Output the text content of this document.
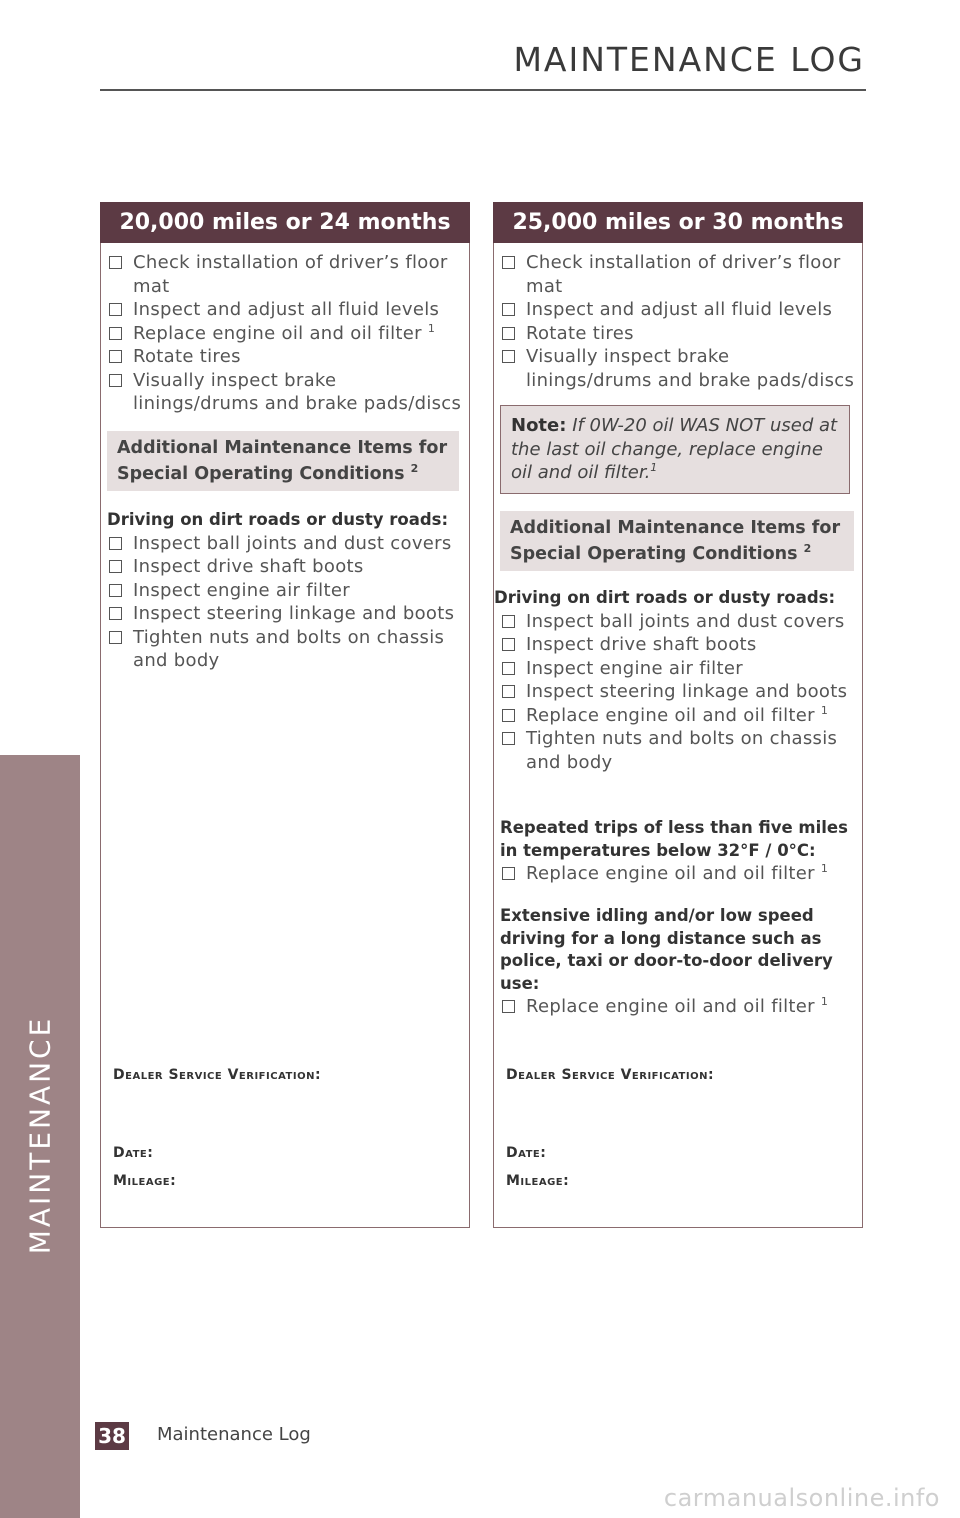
MAINTENANCE LOG
MAINTENANCE
20,000 miles or 24 months
Check installation of driver’s floor mat
Inspect and adjust all fluid levels
Replace engine oil and oil filter $^1$
Rotate tires
Visually inspect brake linings/drums and brake pads/discs
Additional Maintenance Items for Special Operating Conditions $^2$
Driving on dirt roads or dusty roads:
Inspect ball joints and dust covers
Inspect drive shaft boots
Inspect engine air filter
Inspect steering linkage and boots
Tighten nuts and bolts on chassis and body
Dealer Service Verification:
Date:
Mileage:
25,000 miles or 30 months
Check installation of driver’s floor mat
Inspect and adjust all fluid levels
Rotate tires
Visually inspect brake linings/drums and brake pads/discs
Note: If 0W-20 oil WAS NOT used at the last oil change, replace engine oil and oil filter.$^1$
Additional Maintenance Items for Special Operating Conditions $^2$
Driving on dirt roads or dusty roads:
Inspect ball joints and dust covers
Inspect drive shaft boots
Inspect engine air filter
Inspect steering linkage and boots
Replace engine oil and oil filter $^1$
Tighten nuts and bolts on chassis and body
Repeated trips of less than five miles in temperatures below 32°F / 0°C:
Replace engine oil and oil filter $^1$
Extensive idling and/or low speed driving for a long distance such as police, taxi or door-to-door delivery use:
Replace engine oil and oil filter $^1$
Dealer Service Verification:
Date:
Mileage:
38 Maintenance Log
carmanualsonline.info
